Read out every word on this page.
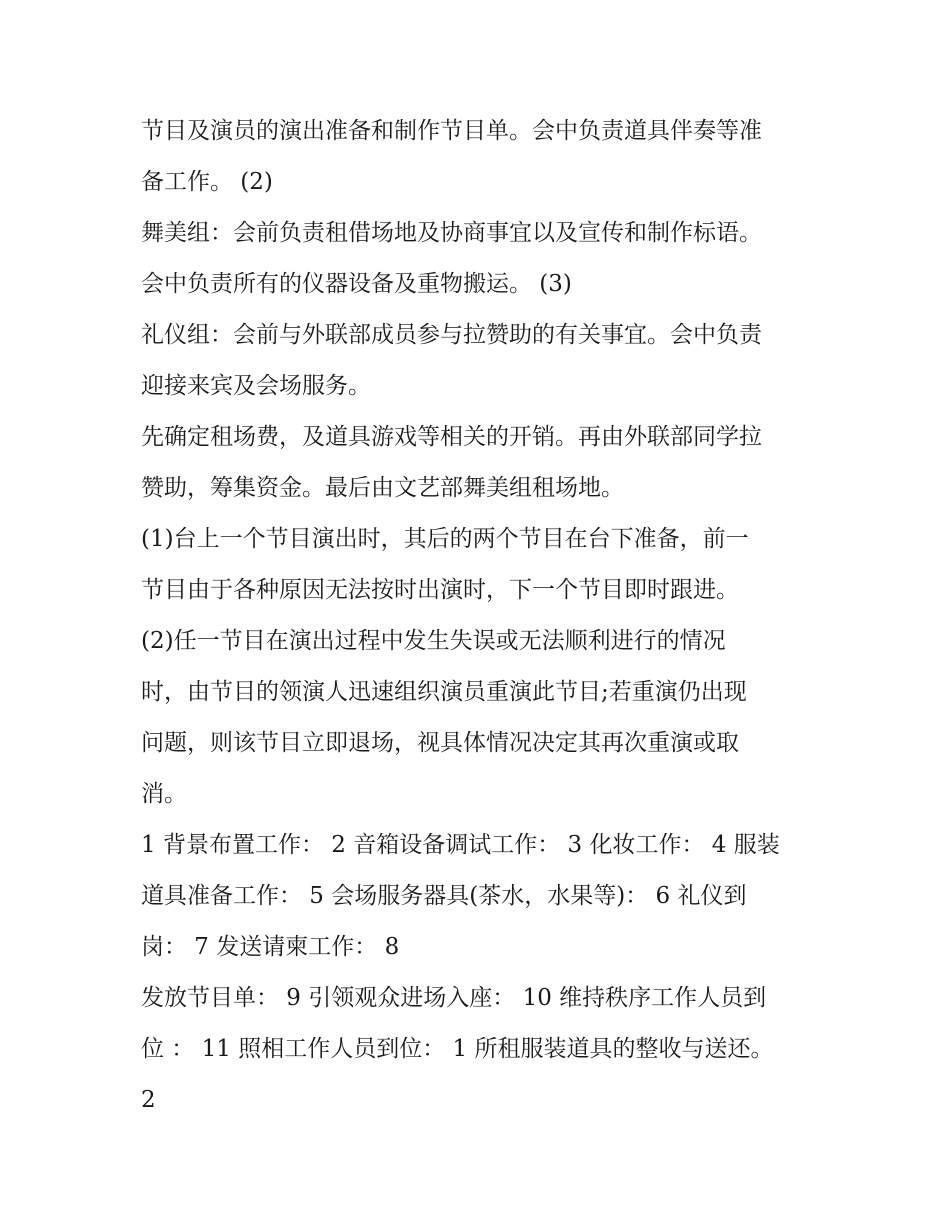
节目及演员的演出准备和制作节目单。会中负责道具伴奏等准
备工作。 (2)
舞美组：会前负责租借场地及协商事宜以及宣传和制作标语。
会中负责所有的仪器设备及重物搬运。 (3)
礼仪组：会前与外联部成员参与拉赞助的有关事宜。会中负责
迎接来宾及会场服务。
先确定租场费，及道具游戏等相关的开销。再由外联部同学拉
赞助，筹集资金。最后由文艺部舞美组租场地。
(1)台上一个节目演出时，其后的两个节目在台下准备，前一
节目由于各种原因无法按时出演时，下一个节目即时跟进。
(2)任一节目在演出过程中发生失误或无法顺利进行的情况
时，由节目的领演人迅速组织演员重演此节目;若重演仍出现
问题，则该节目立即退场，视具体情况决定其再次重演或取
消。
1 背景布置工作： 2 音箱设备调试工作： 3 化妆工作： 4 服装
道具准备工作： 5 会场服务器具(茶水，水果等)： 6 礼仪到
岗： 7 发送请柬工作： 8
发放节目单： 9 引领观众进场入座： 10 维持秩序工作人员到
位 ： 11 照相工作人员到位： 1 所租服装道具的整收与送还。
2
